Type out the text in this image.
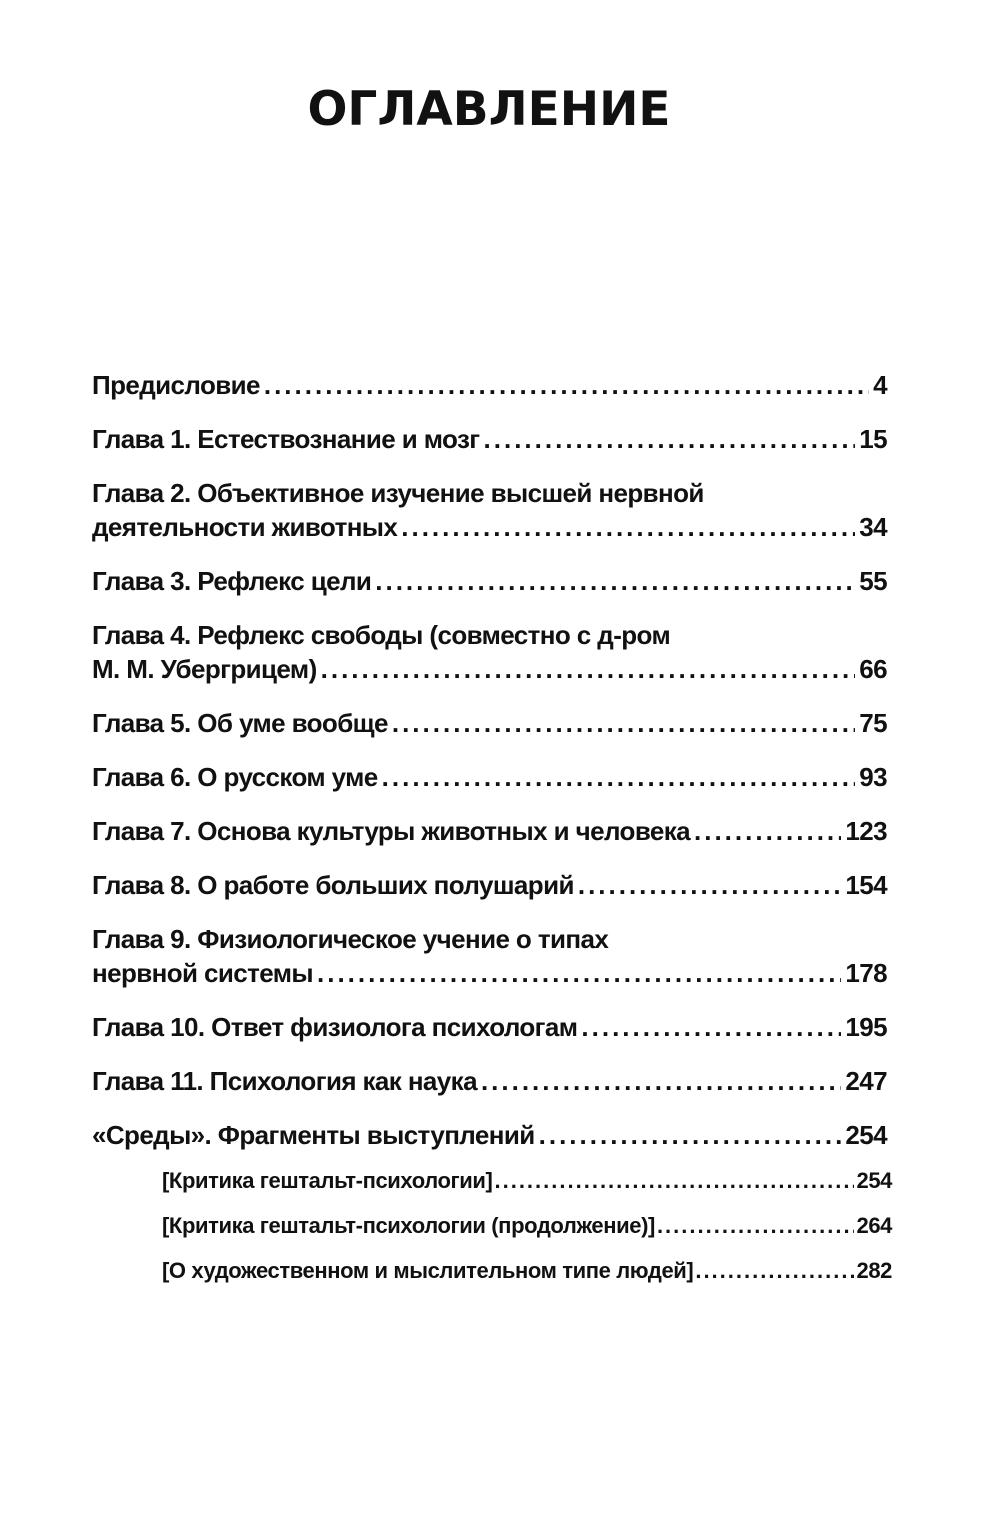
ОГЛАВЛЕНИЕ
Предисловие .....	4
Глава 1. Естествознание и мозг .....	15
Глава 2. Объективное изучение высшей нервной
деятельности животных .....	34
Глава 3. Рефлекс цели .....	55
Глава 4. Рефлекс свободы (совместно с д-ром
М. М. Убергрицем) .....	66
Глава 5. Об уме вообще .....	75
Глава 6. О русском уме .....	93
Глава 7. Основа культуры животных и человека .....	123
Глава 8. О работе больших полушарий .....	154
Глава 9. Физиологическое учение о типах
нервной системы .....	178
Глава 10. Ответ физиолога психологам .....	195
Глава 11. Психология как наука .....	247
«Среды». Фрагменты выступлений .....	254
[Критика гештальт-психологии] .....	254
[Критика гештальт-психологии (продолжение)] .....	264
[О художественном и мыслительном типе людей] .....	282
